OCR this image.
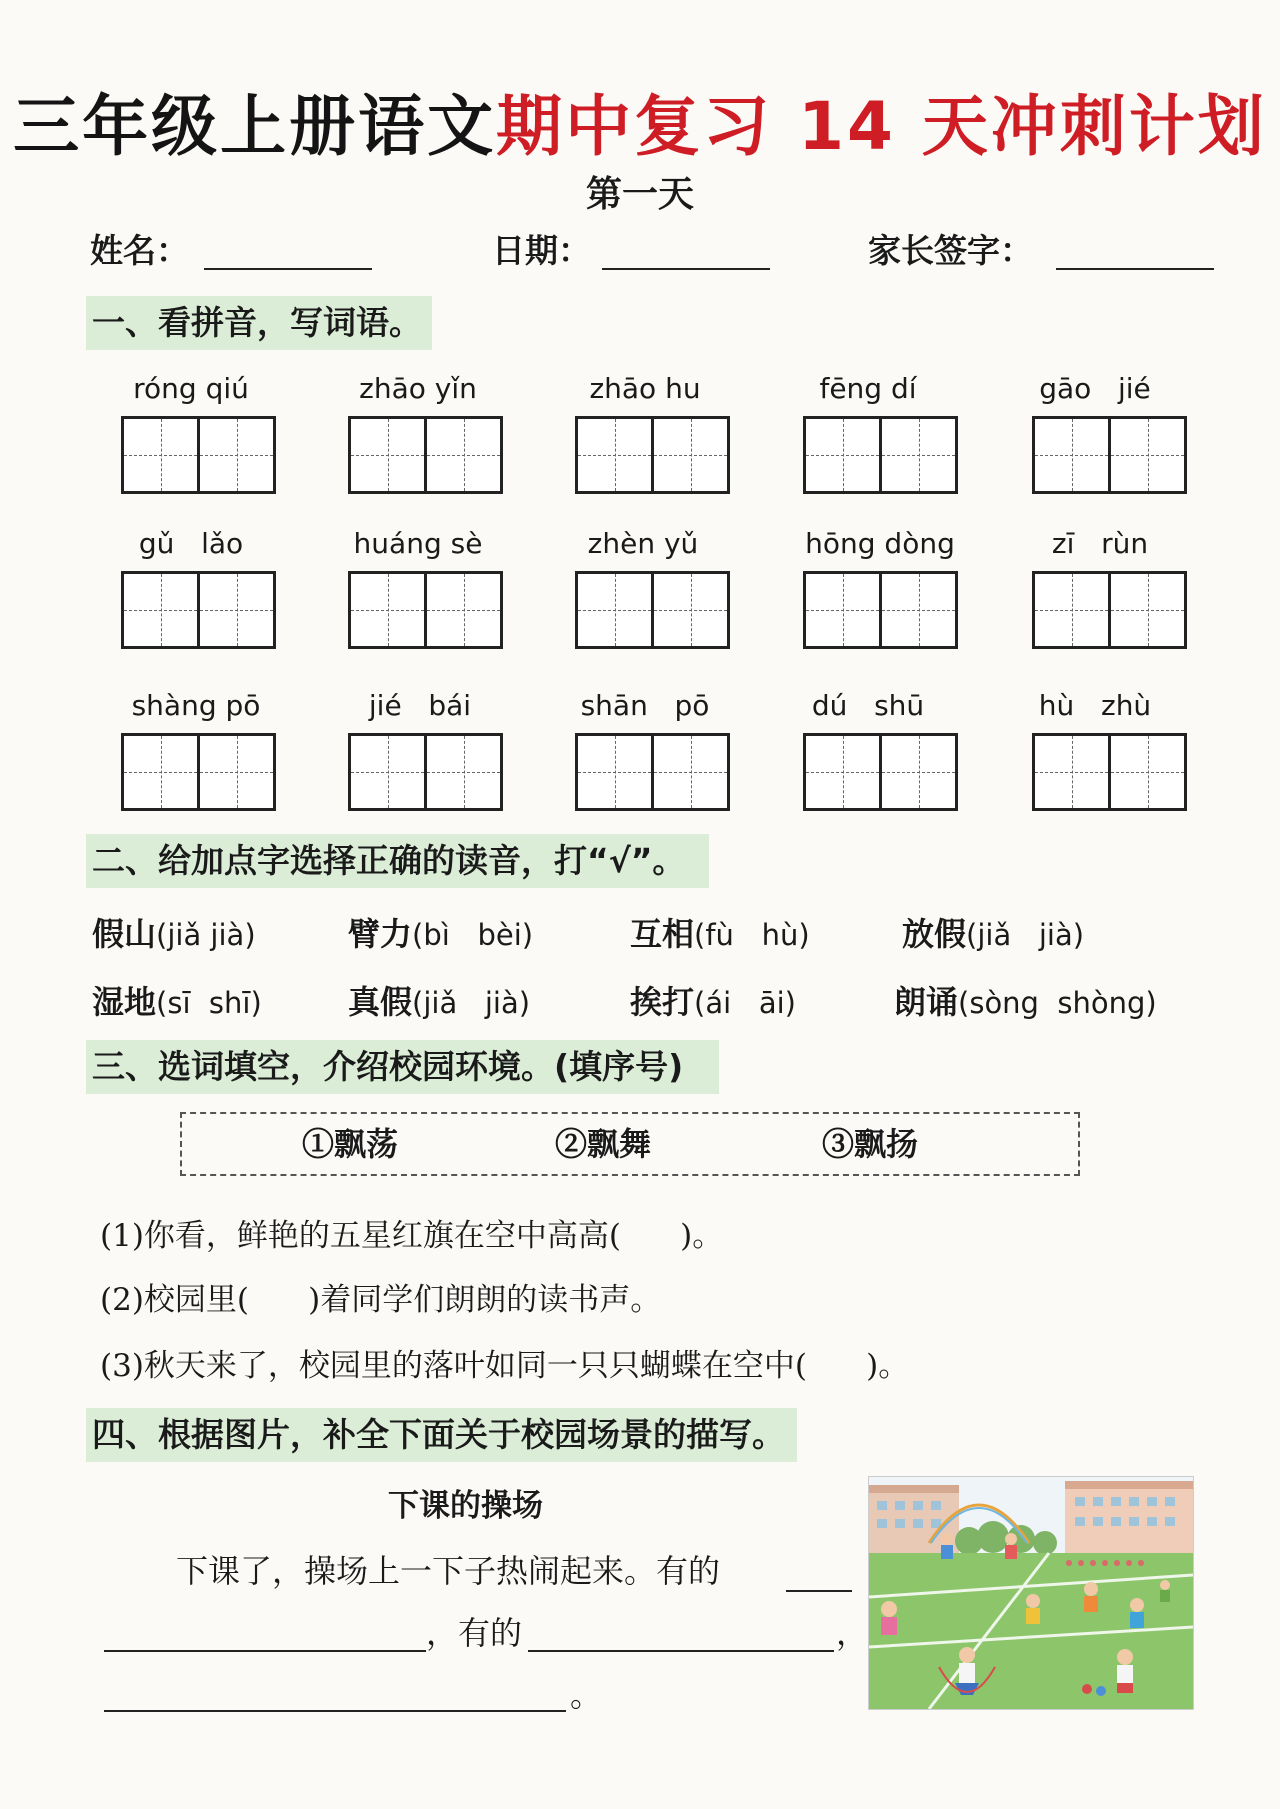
三年级上册语文期中复习 14 天冲刺计划
第一天
姓名：	日期：	家长签字：
一、看拼音，写词语。
róng qiú	zhāo yǐn	zhāo hu	fēng dí	gāo   jié
gǔ   lǎo	huáng sè	zhèn yǔ	hōng dòng	zī   rùn
shàng pō	jié   bái	shān   pō	dú   shū	hù   zhù
二、给加点字选择正确的读音，打“√”。
假山(jiǎ jià)	臂力(bì   bèi)	互相(fù   hù)	放假(jiǎ   jià)
湿地(sī  shī)	真假(jiǎ   jià)	挨打(ái   āi)	朗诵(sòng  shòng)
三、选词填空，介绍校园环境。(填序号)
①飘荡	②飘舞	③飘扬
(1)你看，鲜艳的五星红旗在空中高高(      )。
(2)校园里(      )着同学们朗朗的读书声。
(3)秋天来了，校园里的落叶如同一只只蝴蝶在空中(      )。
四、根据图片，补全下面关于校园场景的描写。
下课的操场
下课了，操场上一下子热闹起来。有的
，有的	，
。
